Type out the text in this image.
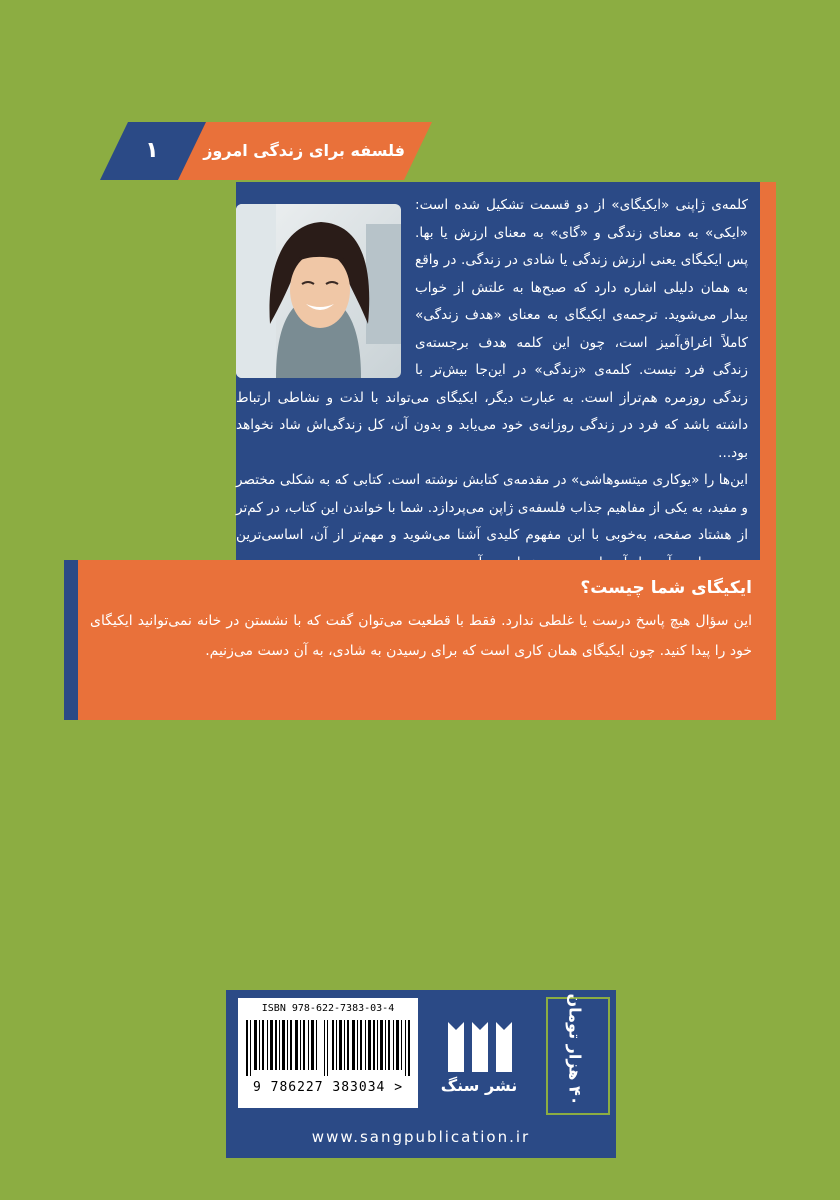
۱	فلسفه برای زندگی امروز

کلمه‌ی ژاپنی «ایکیگای» از دو قسمت تشکیل شده است: «ایکی» به معنای زندگی و «گای» به معنای ارزش یا بها. پس ایکیگای یعنی ارزش زندگی یا شادی در زندگی. در واقع به همان دلیلی اشاره دارد که صبح‌ها به علتش از خواب بیدار می‌شوید. ترجمه‌ی ایکیگای به معنای «هدف زندگی» کاملاً اغراق‌آمیز است، چون این کلمه هدف برجسته‌ی زندگی فرد نیست. کلمه‌ی «زندگی» در این‌جا بیش‌تر با زندگی روزمره هم‌تراز است. به عبارت دیگر، ایکیگای می‌تواند با لذت و نشاطی ارتباط داشته باشد که فرد در زندگی روزانه‌ی خود می‌یابد و بدون آن، کل زندگی‌اش شاد نخواهد بود...

این‌ها را «یوکاری میتسوهاشی» در مقدمه‌ی کتابش نوشته است. کتابی که به شکلی مختصر و مفید، به یکی از مفاهیم جذاب فلسفه‌ی ژاپن می‌پردازد. شما با خواندن این کتاب، در کم‌تر از هشتاد صفحه، به‌خوبی با این مفهوم کلیدی آشنا می‌شوید و مهم‌تر از آن، اساسی‌ترین

ایکیگای شما چیست؟
این سؤال هیچ پاسخ درست یا غلطی ندارد. فقط با قطعیت می‌توان گفت که با نشستن در خانه نمی‌توانید ایکیگای خود را پیدا کنید. چون ایکیگای همان کاری است که برای رسیدن به شادی، به آن دست می‌زنیم.
ISBN 978-622-7383-03-4
9 786227 383034 >	نشر سنگ	۴۰ هزار تومان
www.sangpublication.ir
